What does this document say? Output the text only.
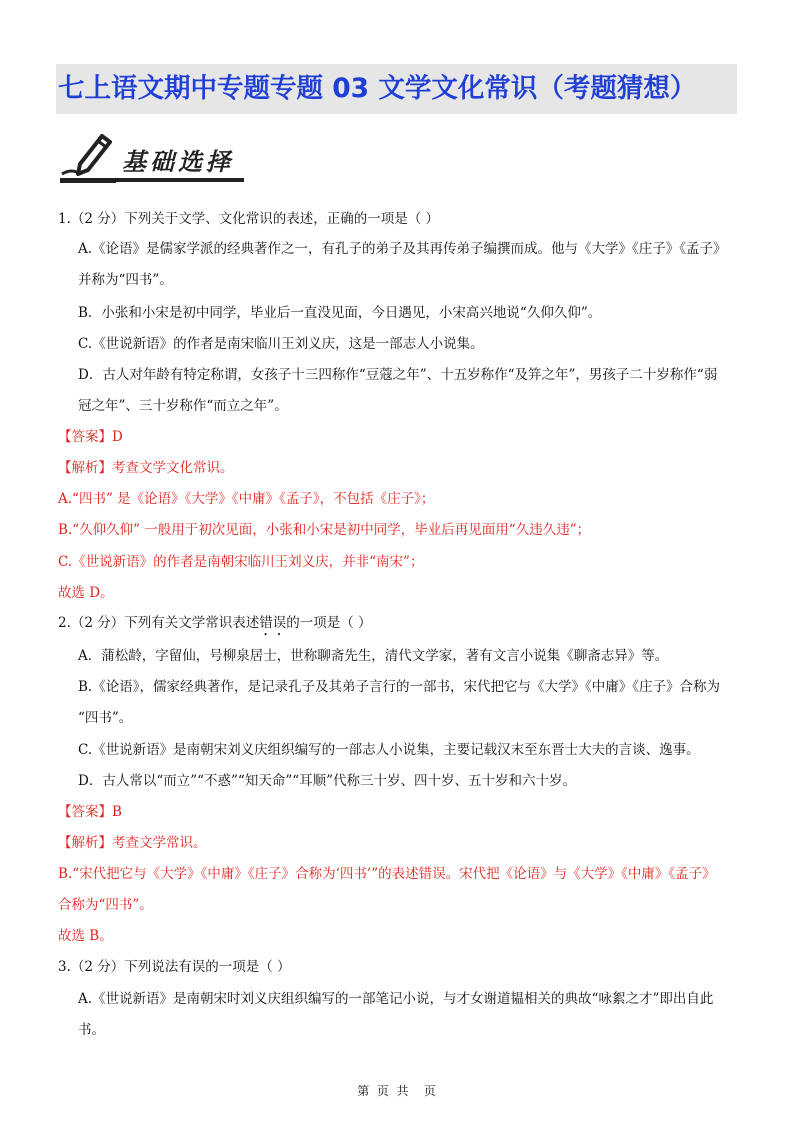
七上语文期中专题专题 03 文学文化常识（考题猜想）
基础选择
1.（2 分）下列关于文学、文化常识的表述，正确的一项是（ ）
A.《论语》是儒家学派的经典著作之一，有孔子的弟子及其再传弟子编撰而成。他与《大学》《庄子》《孟子》
并称为“四书”。
B．小张和小宋是初中同学，毕业后一直没见面，今日遇见，小宋高兴地说“久仰久仰”。
C.《世说新语》的作者是南宋临川王刘义庆，这是一部志人小说集。
D．古人对年龄有特定称谓，女孩子十三四称作“豆蔻之年”、十五岁称作“及笄之年”，男孩子二十岁称作“弱
冠之年”、三十岁称作“而立之年”。
【答案】D
【解析】考查文学文化常识。
A.“四书” 是《论语》《大学》《中庸》《孟子》，不包括《庄子》；
B.“久仰久仰” 一般用于初次见面，小张和小宋是初中同学，毕业后再见面用“久违久违”；
C.《世说新语》的作者是南朝宋临川王刘义庆，并非“南宋”；
故选 D。
2.（2 分）下列有关文学常识表述错误的一项是（ ）
A．蒲松龄，字留仙，号柳泉居士，世称聊斋先生，清代文学家，著有文言小说集《聊斋志异》等。
B.《论语》，儒家经典著作，是记录孔子及其弟子言行的一部书，宋代把它与《大学》《中庸》《庄子》合称为
“四书”。
C.《世说新语》是南朝宋刘义庆组织编写的一部志人小说集，主要记载汉末至东晋士大夫的言谈、逸事。
D．古人常以“而立”“不惑”“知天命”“耳顺”代称三十岁、四十岁、五十岁和六十岁。
【答案】B
【解析】考查文学常识。
B.“宋代把它与《大学》《中庸》《庄子》合称为‘四书’”的表述错误。宋代把《论语》与《大学》《中庸》《孟子》
合称为“四书”。
故选 B。
3.（2 分）下列说法有误的一项是（ ）
A.《世说新语》是南朝宋时刘义庆组织编写的一部笔记小说，与才女谢道韫相关的典故“咏絮之才”即出自此
书。
第  页  共    页
